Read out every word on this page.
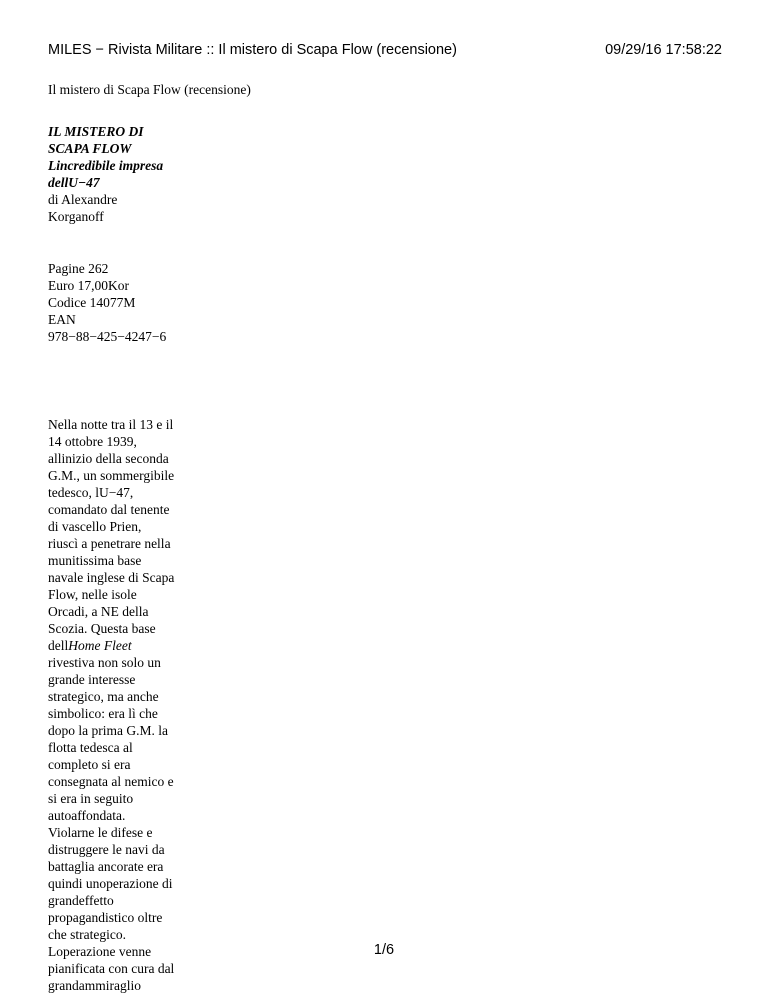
MILES − Rivista Militare :: Il mistero di Scapa Flow (recensione)	09/29/16 17:58:22
Il mistero di Scapa Flow (recensione)
IL MISTERO DI
SCAPA FLOW
Lincredibile impresa
dellU−47
di Alexandre
Korganoff
Pagine 262
Euro 17,00Kor
Codice 14077M
EAN
978−88−425−4247−6
Nella notte tra il 13 e il
14 ottobre 1939,
allinizio della seconda
G.M., un sommergibile
tedesco, lU−47,
comandato dal tenente
di vascello Prien,
riuscì a penetrare nella
munitissima base
navale inglese di Scapa
Flow, nelle isole
Orcadi, a NE della
Scozia. Questa base
dellHome Fleet
rivestiva non solo un
grande interesse
strategico, ma anche
simbolico: era lì che
dopo la prima G.M. la
flotta tedesca al
completo si era
consegnata al nemico e
si era in seguito
autoaffondata.
Violarne le difese e
distruggere le navi da
battaglia ancorate era
quindi unoperazione di
grandeffetto
propagandistico oltre
che strategico.
Loperazione venne
pianificata con cura dal
grandammiraglio
1/6
